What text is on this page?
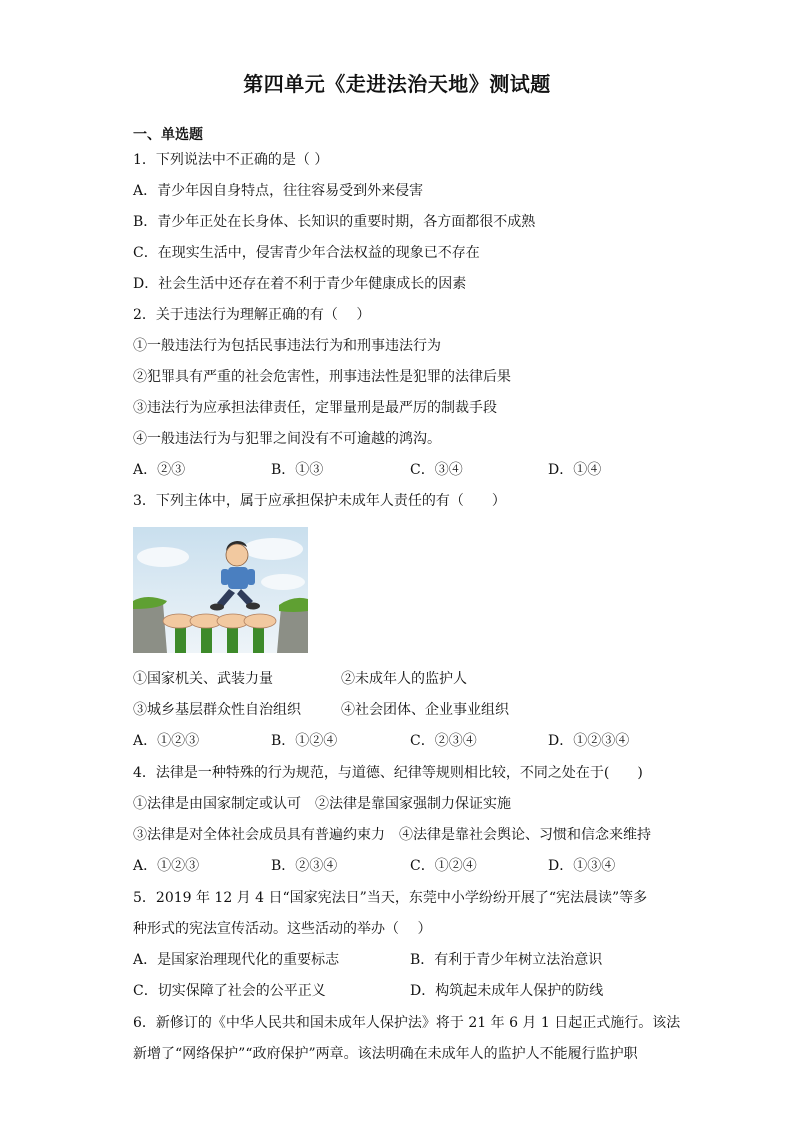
第四单元《走进法治天地》测试题
一、单选题
1．下列说法中不正确的是（ ）
A．青少年因自身特点，往往容易受到外来侵害
B．青少年正处在长身体、长知识的重要时期，各方面都很不成熟
C．在现实生活中，侵害青少年合法权益的现象已不存在
D．社会生活中还存在着不利于青少年健康成长的因素
2．关于违法行为理解正确的有（　 ）
①一般违法行为包括民事违法行为和刑事违法行为
②犯罪具有严重的社会危害性，刑事违法性是犯罪的法律后果
③违法行为应承担法律责任，定罪量刑是最严厉的制裁手段
④一般违法行为与犯罪之间没有不可逾越的鸿沟。
A．②③	B．①③	C．③④	D．①④
3．下列主体中，属于应承担保护未成年人责任的有（　　）
①国家机关、武装力量	②未成年人的监护人
③城乡基层群众性自治组织	④社会团体、企业事业组织
A．①②③	B．①②④	C．②③④	D．①②③④
4．法律是一种特殊的行为规范，与道德、纪律等规则相比较，不同之处在于(　　)
①法律是由国家制定或认可　②法律是靠国家强制力保证实施
③法律是对全体社会成员具有普遍约束力　④法律是靠社会舆论、习惯和信念来维持
A．①②③	B．②③④	C．①②④	D．①③④
5．2019 年 12 月 4 日“国家宪法日”当天，东莞中小学纷纷开展了“宪法晨读”等多
种形式的宪法宣传活动。这些活动的举办（　 ）
A．是国家治理现代化的重要标志	B．有利于青少年树立法治意识
C．切实保障了社会的公平正义	D．构筑起未成年人保护的防线
6．新修订的《中华人民共和国未成年人保护法》将于 21 年 6 月 1 日起正式施行。该法
新增了“网络保护”“政府保护”两章。该法明确在未成年人的监护人不能履行监护职
